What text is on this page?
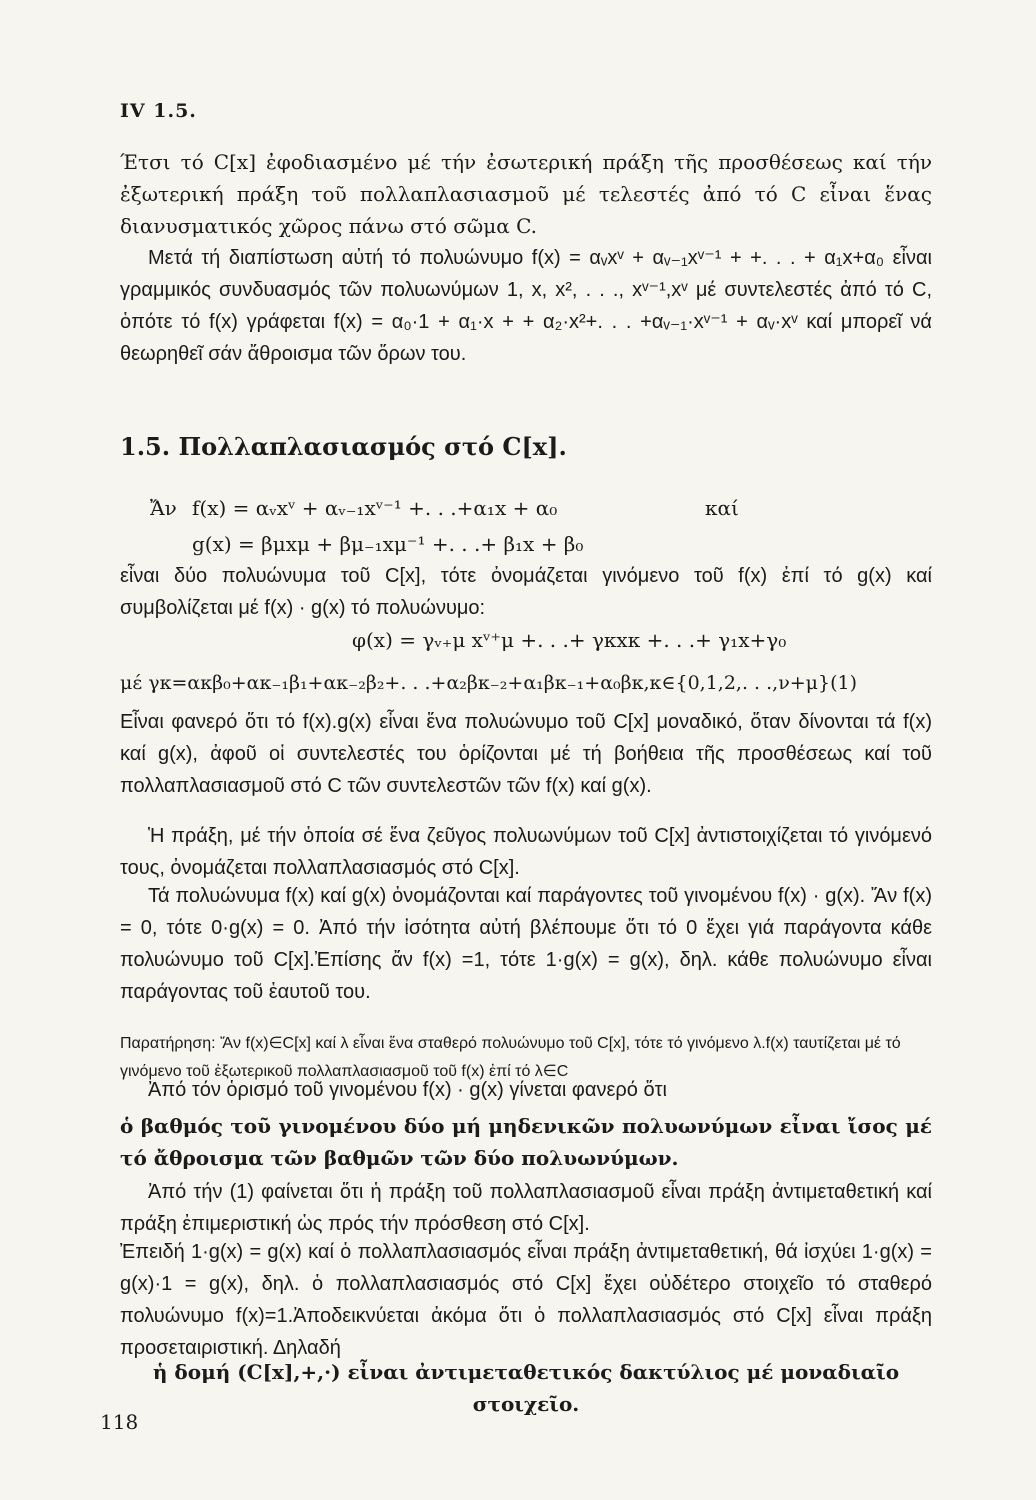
IV 1.5.

Έτσι τό C[x] ἐφοδιασμένο μέ τήν ἐσωτερική πράξη τῆς προσθέσεως καί τήν ἐξωτερική πράξη τοῦ πολλαπλασιασμοῦ μέ τελεστές ἀπό τό C εἶναι ἕνας διανυσματικός χῶρος πάνω στό σῶμα C.

Μετά τή διαπίστωση αὐτή τό πολυώνυμο f(x) = αᵥxᵛ + αᵥ₋₁xᵛ⁻¹ + +. . . + α₁x+α₀ εἶναι γραμμικός συνδυασμός τῶν πολυωνύμων 1, x, x², . . ., xᵛ⁻¹,xᵛ μέ συντελεστές ἀπό τό C, ὁπότε τό f(x) γράφεται f(x) = α₀·1 + α₁·x + + α₂·x²+. . . +αᵥ₋₁·xᵛ⁻¹ + αᵥ·xᵛ καί μπορεῖ νά θεωρηθεῖ σάν ἄθροισμα τῶν ὅρων του.

1.5. Πολλαπλασιασμός στό C[x].
Ἄν f(x) = αᵥxᵛ + αᵥ₋₁xᵛ⁻¹ +. . .+α₁x + α₀	καί
g(x) = βμxμ + βμ₋₁xμ⁻¹ +. . .+ β₁x + β₀

εἶναι δύο πολυώνυμα τοῦ C[x], τότε ὀνομάζεται γινόμενο τοῦ f(x) ἐπί τό g(x) καί συμβολίζεται μέ f(x) · g(x) τό πολυώνυμο:

φ(x) = γᵥ₊μ xᵛ⁺μ +. . .+ γκxκ +. . .+ γ₁x+γ₀
μέ γκ=ακβ₀+ακ₋₁β₁+ακ₋₂β₂+. . .+α₂βκ₋₂+α₁βκ₋₁+α₀βκ,κ∈{0,1,2,. . .,ν+μ}(1)

Εἶναι φανερό ὅτι τό f(x).g(x) εἶναι ἕνα πολυώνυμο τοῦ C[x] μοναδικό, ὅταν δίνονται τά f(x) καί g(x), ἀφοῦ οἱ συντελεστές του ὁρίζονται μέ τή βοήθεια τῆς προσθέσεως καί τοῦ πολλαπλασιασμοῦ στό C τῶν συντελεστῶν τῶν f(x) καί g(x).

Ἡ πράξη, μέ τήν ὁποία σέ ἕνα ζεῦγος πολυωνύμων τοῦ C[x] ἀντιστοιχίζεται τό γινόμενό τους, ὀνομάζεται πολλαπλασιασμός στό C[x].

Τά πολυώνυμα f(x) καί g(x) ὀνομάζονται καί παράγοντες τοῦ γινομένου f(x) · g(x). Ἄν f(x) = 0, τότε 0·g(x) = 0. Ἀπό τήν ἰσότητα αὐτή βλέπουμε ὅτι τό 0 ἔχει γιά παράγοντα κάθε πολυώνυμο τοῦ C[x].Ἐπίσης ἄν f(x) =1, τότε 1·g(x) = g(x), δηλ. κάθε πολυώνυμο εἶναι παράγοντας τοῦ ἑαυτοῦ του.

Παρατήρηση: Ἄν f(x)∈C[x] καί λ εἶναι ἕνα σταθερό πολυώνυμο τοῦ C[x], τότε τό γινόμενο λ.f(x) ταυτίζεται μέ τό γινόμενο τοῦ ἐξωτερικοῦ πολλαπλασιασμοῦ τοῦ f(x) ἐπί τό λ∈C

Ἀπό τόν ὁρισμό τοῦ γινομένου f(x) · g(x) γίνεται φανερό ὅτι

ὁ βαθμός τοῦ γινομένου δύο μή μηδενικῶν πολυωνύμων εἶναι ἴσος μέ τό ἄθροισμα τῶν βαθμῶν τῶν δύο πολυωνύμων.

Ἀπό τήν (1) φαίνεται ὅτι ἡ πράξη τοῦ πολλαπλασιασμοῦ εἶναι πράξη ἀντιμεταθετική καί πράξη ἐπιμεριστική ὡς πρός τήν πρόσθεση στό C[x].

Ἐπειδή 1·g(x) = g(x) καί ὁ πολλαπλασιασμός εἶναι πράξη ἀντιμεταθετική, θά ἰσχύει 1·g(x) = g(x)·1 = g(x), δηλ. ὁ πολλαπλασιασμός στό C[x] ἔχει οὐδέτερο στοιχεῖο τό σταθερό πολυώνυμο f(x)=1.Ἀποδεικνύεται ἀκόμα ὅτι ὁ πολλαπλασιασμός στό C[x] εἶναι πράξη προσεταιριστική. Δηλαδή

ἡ δομή (C[x],+,·) εἶναι ἀντιμεταθετικός δακτύλιος μέ μοναδιαῖο στοιχεῖο.

118
